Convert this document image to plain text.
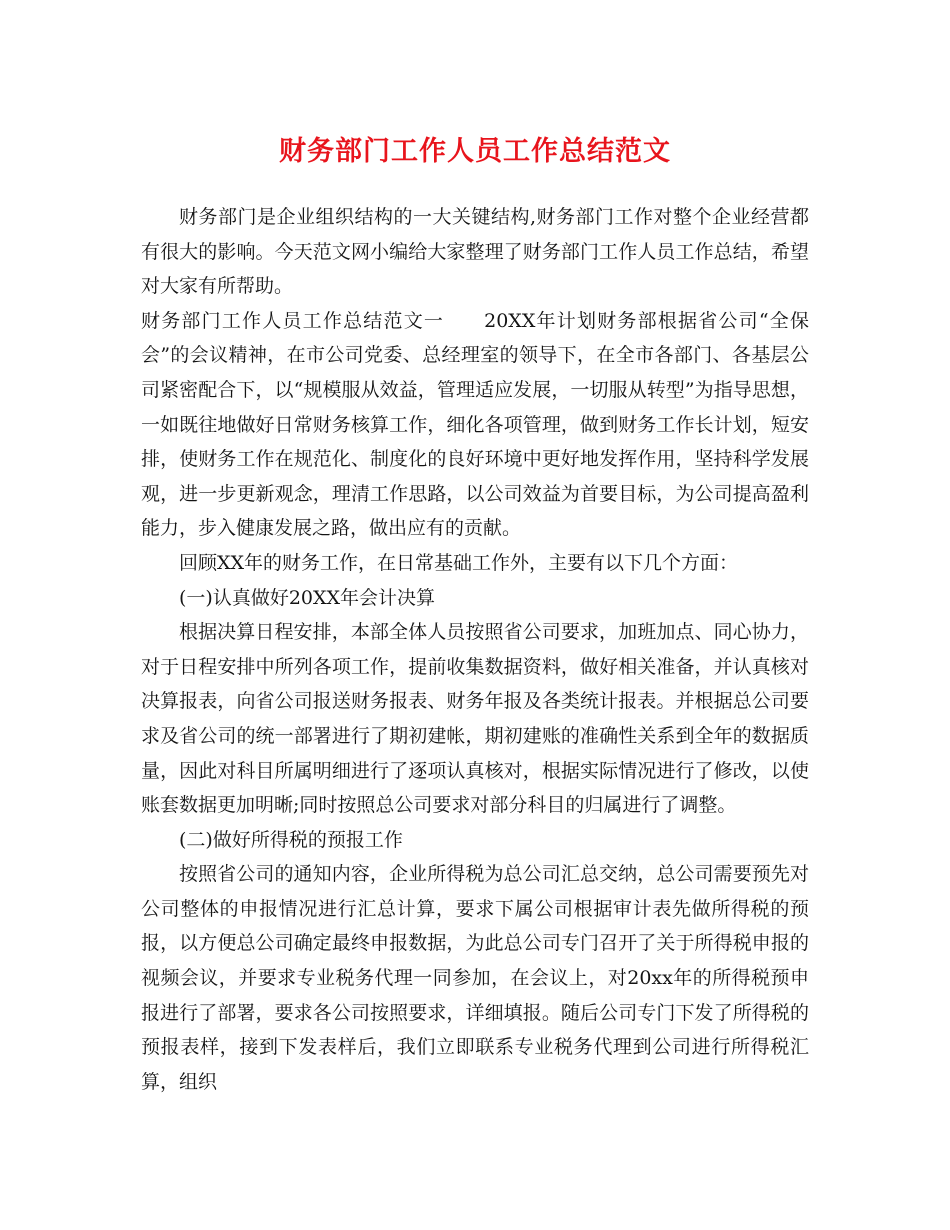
财务部门工作人员工作总结范文

财务部门是企业组织结构的一大关键结构,财务部门工作对整个企业经营都有很大的影响。今天范文网小编给大家整理了财务部门工作人员工作总结，希望对大家有所帮助。

财务部门工作人员工作总结范文一 20XX年计划财务部根据省公司“全保会”的会议精神，在市公司党委、总经理室的领导下，在全市各部门、各基层公司紧密配合下，以“规模服从效益，管理适应发展，一切服从转型”为指导思想，一如既往地做好日常财务核算工作，细化各项管理，做到财务工作长计划，短安排，使财务工作在规范化、制度化的良好环境中更好地发挥作用，坚持科学发展观，进一步更新观念，理清工作思路，以公司效益为首要目标，为公司提高盈利能力，步入健康发展之路，做出应有的贡献。

回顾XX年的财务工作，在日常基础工作外，主要有以下几个方面：

(一)认真做好20XX年会计决算

根据决算日程安排，本部全体人员按照省公司要求，加班加点、同心协力，对于日程安排中所列各项工作，提前收集数据资料，做好相关准备，并认真核对决算报表，向省公司报送财务报表、财务年报及各类统计报表。并根据总公司要求及省公司的统一部署进行了期初建帐，期初建账的准确性关系到全年的数据质量，因此对科目所属明细进行了逐项认真核对，根据实际情况进行了修改，以使账套数据更加明晰;同时按照总公司要求对部分科目的归属进行了调整。

(二)做好所得税的预报工作

按照省公司的通知内容，企业所得税为总公司汇总交纳，总公司需要预先对公司整体的申报情况进行汇总计算，要求下属公司根据审计表先做所得税的预报，以方便总公司确定最终申报数据，为此总公司专门召开了关于所得税申报的视频会议，并要求专业税务代理一同参加，在会议上，对20xx年的所得税预申报进行了部署，要求各公司按照要求，详细填报。随后公司专门下发了所得税的预报表样，接到下发表样后，我们立即联系专业税务代理到公司进行所得税汇算，组织
